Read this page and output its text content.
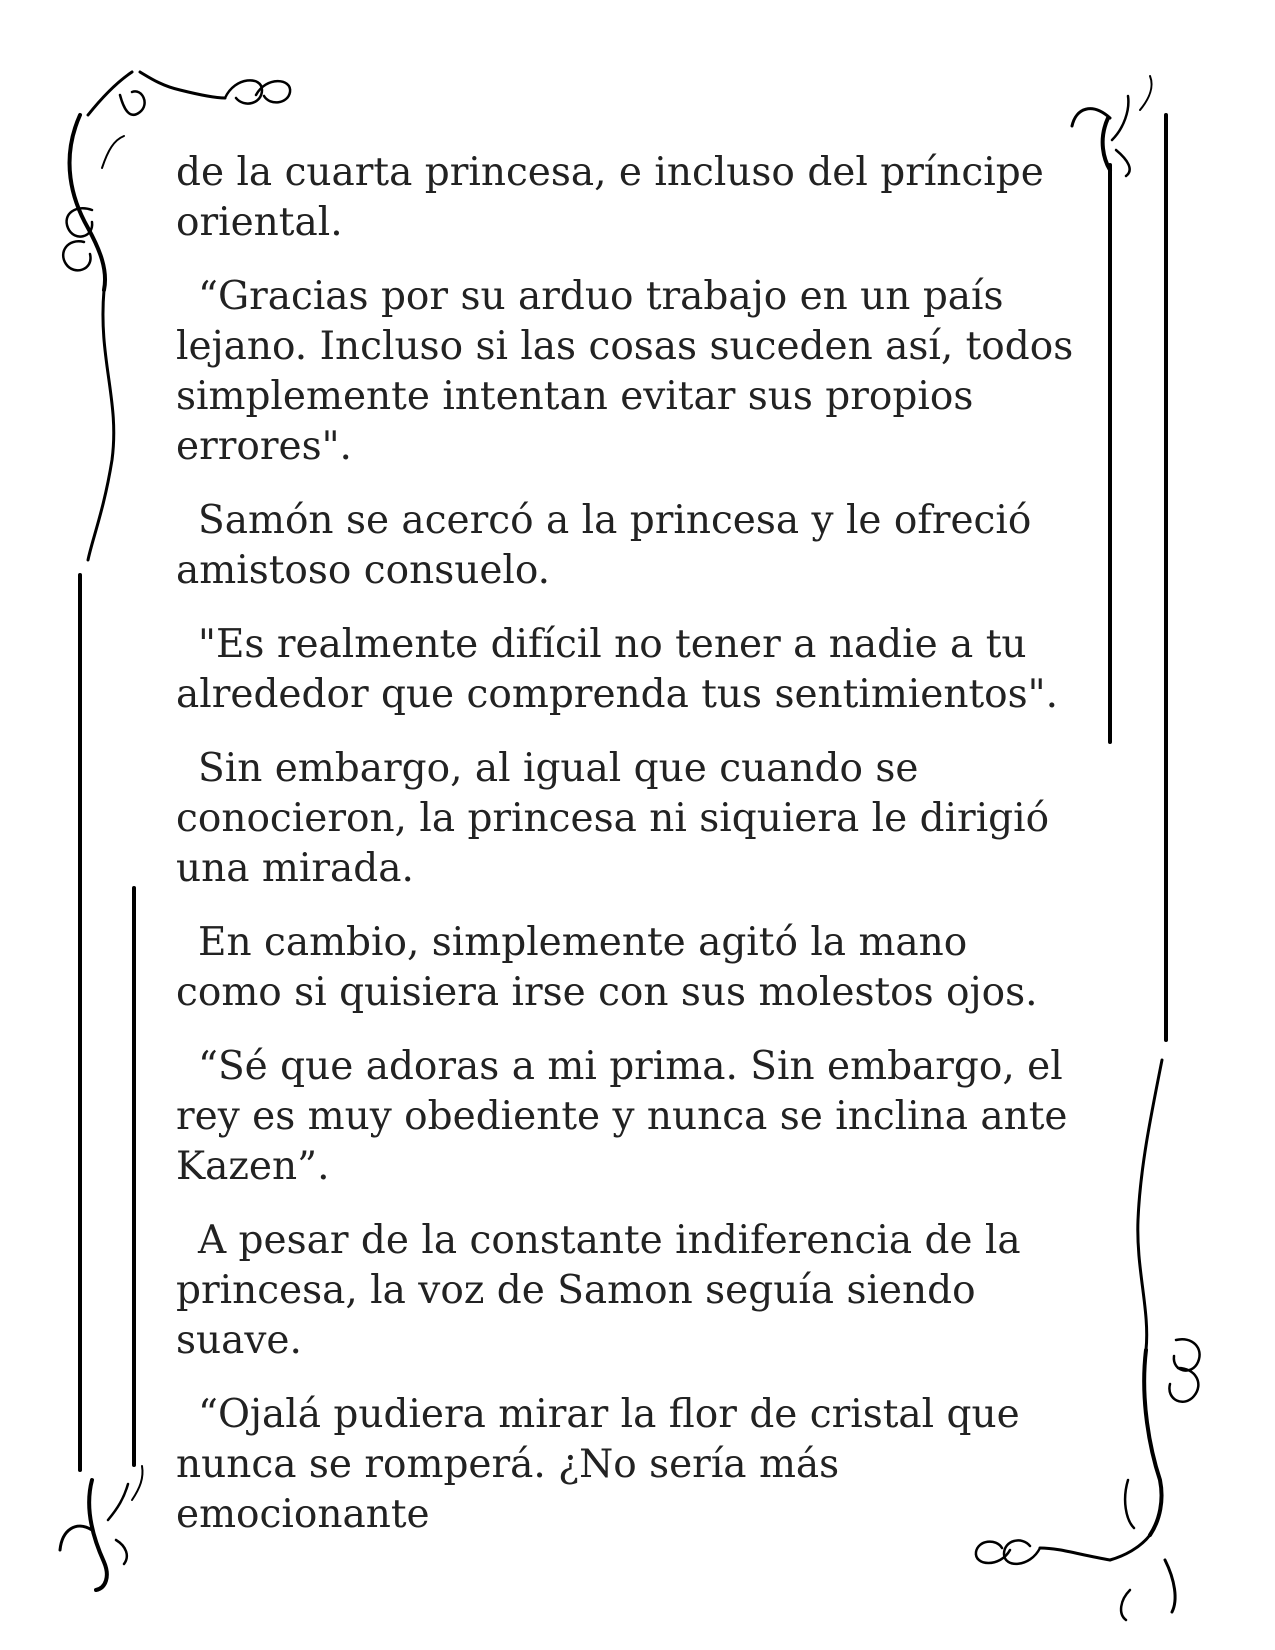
de la cuarta princesa, e incluso del príncipe oriental.

“Gracias por su arduo trabajo en un país lejano. Incluso si las cosas suceden así, todos simplemente intentan evitar sus propios errores".

Samón se acercó a la princesa y le ofreció amistoso consuelo.

"Es realmente difícil no tener a nadie a tu alrededor que comprenda tus sentimientos".

Sin embargo, al igual que cuando se conocieron, la princesa ni siquiera le dirigió una mirada.

En cambio, simplemente agitó la mano como si quisiera irse con sus molestos ojos.

“Sé que adoras a mi prima. Sin embargo, el rey es muy obediente y nunca se inclina ante Kazen”.

A pesar de la constante indiferencia de la princesa, la voz de Samon seguía siendo suave.

“Ojalá pudiera mirar la flor de cristal que nunca se romperá. ¿No sería más emocionante
